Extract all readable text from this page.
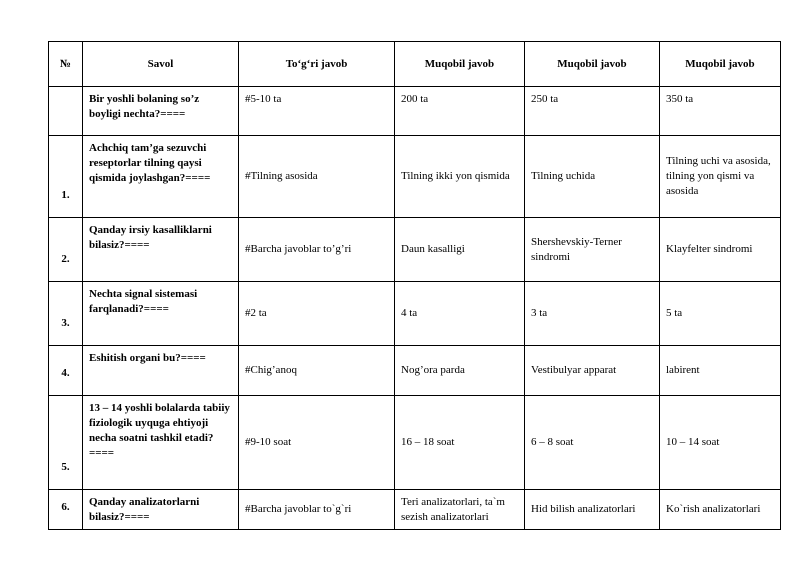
№	Savol	To‘g‘ri javob	Muqobil javob	Muqobil javob	Muqobil javob
	Bir yoshli bolaning so’z boyligi nechta?====	#5-10 ta	200 ta	250 ta	350 ta
1.	Achchiq tam’ga sezuvchi reseptorlar tilning qaysi qismida joylashgan?====	#Tilning asosida	Tilning ikki yon qismida	Tilning uchida	Tilning uchi va asosida, tilning yon qismi va asosida
2.	Qanday irsiy kasalliklarni bilasiz?====	#Barcha javoblar to’g’ri	Daun kasalligi	Shershevskiy-Terner sindromi	Klayfelter sindromi
3.	Nechta signal sistemasi farqlanadi?====	#2 ta	4 ta	3 ta	5 ta
4.	Eshitish organi bu?====	#Chig’anoq	Nog’ora parda	Vestibulyar apparat	labirent
5.	13 – 14 yoshli bolalarda tabiiy fiziologik uyquga ehtiyoji necha soatni tashkil etadi? ====	#9-10 soat	16 – 18 soat	6 – 8 soat	10 – 14 soat
6.	Qanday analizatorlarni bilasiz?====	#Barcha javoblar to`g`ri	Teri analizatorlari, ta`m sezish analizatorlari	Hid bilish analizatorlari	Ko`rish analizatorlari
